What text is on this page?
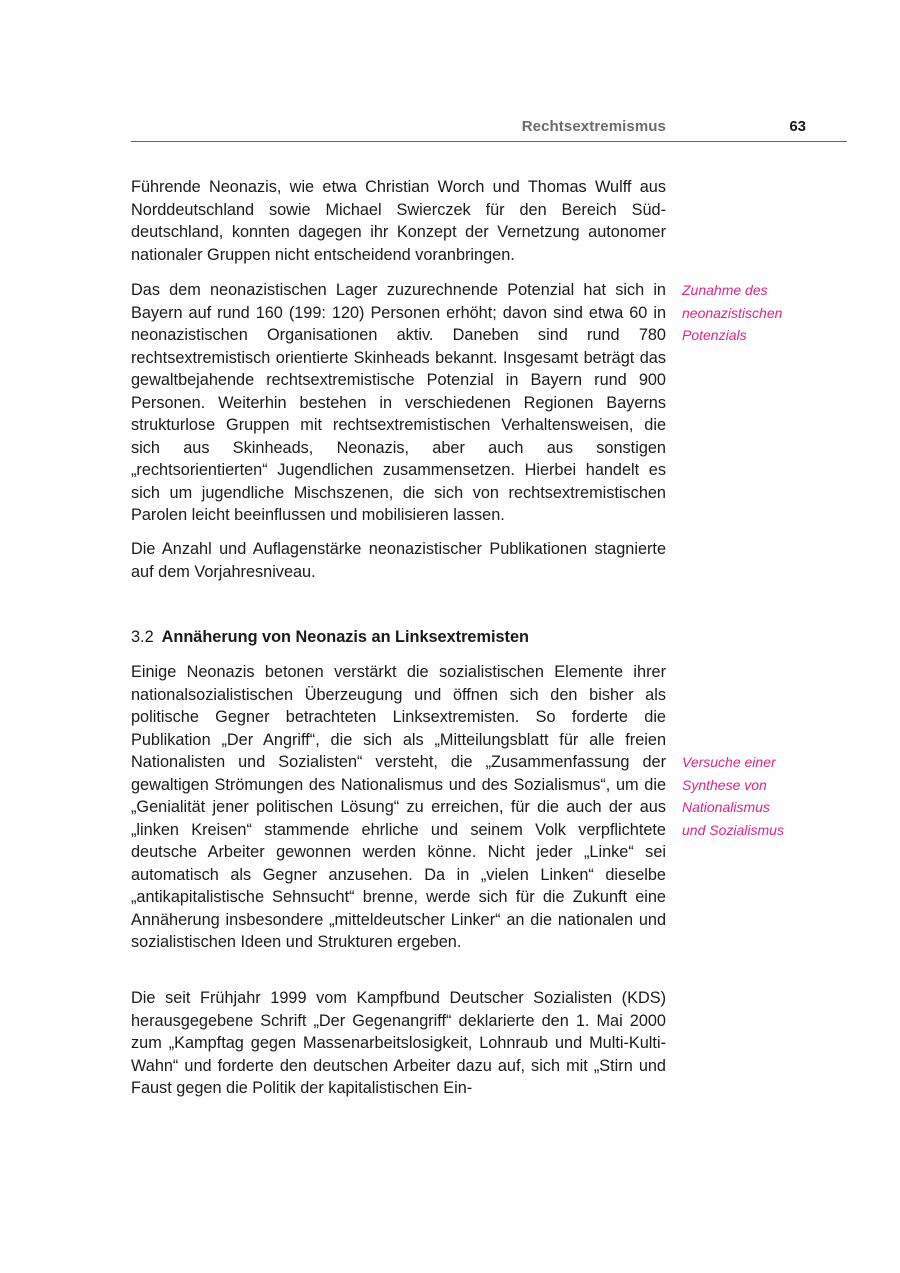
Rechtsextremismus	63

Führende Neonazis, wie etwa Christian Worch und Thomas Wulff aus Norddeutschland sowie Michael Swierczek für den Bereich Süddeutschland, konnten dagegen ihr Konzept der Vernetzung autonomer nationaler Gruppen nicht entscheidend voranbringen.

Das dem neonazistischen Lager zuzurechnende Potenzial hat sich in Bayern auf rund 160 (199: 120) Personen erhöht; davon sind etwa 60 in neonazistischen Organisationen aktiv. Daneben sind rund 780 rechtsextremistisch orientierte Skinheads bekannt. Insgesamt beträgt das gewaltbejahende rechtsextremistische Potenzial in Bayern rund 900 Personen. Weiterhin bestehen in verschiedenen Regionen Bayerns strukturlose Gruppen mit rechtsextremistischen Verhaltensweisen, die sich aus Skinheads, Neonazis, aber auch aus sonstigen „rechtsorientierten“ Jugendlichen zusammensetzen. Hierbei handelt es sich um jugendliche Mischszenen, die sich von rechtsextremistischen Parolen leicht beeinflussen und mobilisieren lassen.

Zunahme des
neonazistischen
Potenzials

Die Anzahl und Auflagenstärke neonazistischer Publikationen stagnierte auf dem Vorjahresniveau.

3.2 Annäherung von Neonazis an Linksextremisten

Einige Neonazis betonen verstärkt die sozialistischen Elemente ihrer nationalsozialistischen Überzeugung und öffnen sich den bisher als politische Gegner betrachteten Linksextremisten. So forderte die Publikation „Der Angriff“, die sich als „Mitteilungsblatt für alle freien Nationalisten und Sozialisten“ versteht, die „Zusammenfassung der gewaltigen Strömungen des Nationalismus und des Sozialismus“, um die „Genialität jener politischen Lösung“ zu erreichen, für die auch der aus „linken Kreisen“ stammende ehrliche und seinem Volk verpflichtete deutsche Arbeiter gewonnen werden könne. Nicht jeder „Linke“ sei automatisch als Gegner anzusehen. Da in „vielen Linken“ dieselbe „antikapitalistische Sehnsucht“ brenne, werde sich für die Zukunft eine Annäherung insbesondere „mitteldeutscher Linker“ an die nationalen und sozialistischen Ideen und Strukturen ergeben.

Versuche einer
Synthese von
Nationalismus
und Sozialismus

Die seit Frühjahr 1999 vom Kampfbund Deutscher Sozialisten (KDS) herausgegebene Schrift „Der Gegenangriff“ deklarierte den 1. Mai 2000 zum „Kampftag gegen Massenarbeitslosigkeit, Lohnraub und Multi-Kulti-Wahn“ und forderte den deutschen Arbeiter dazu auf, sich mit „Stirn und Faust gegen die Politik der kapitalistischen Ein-
